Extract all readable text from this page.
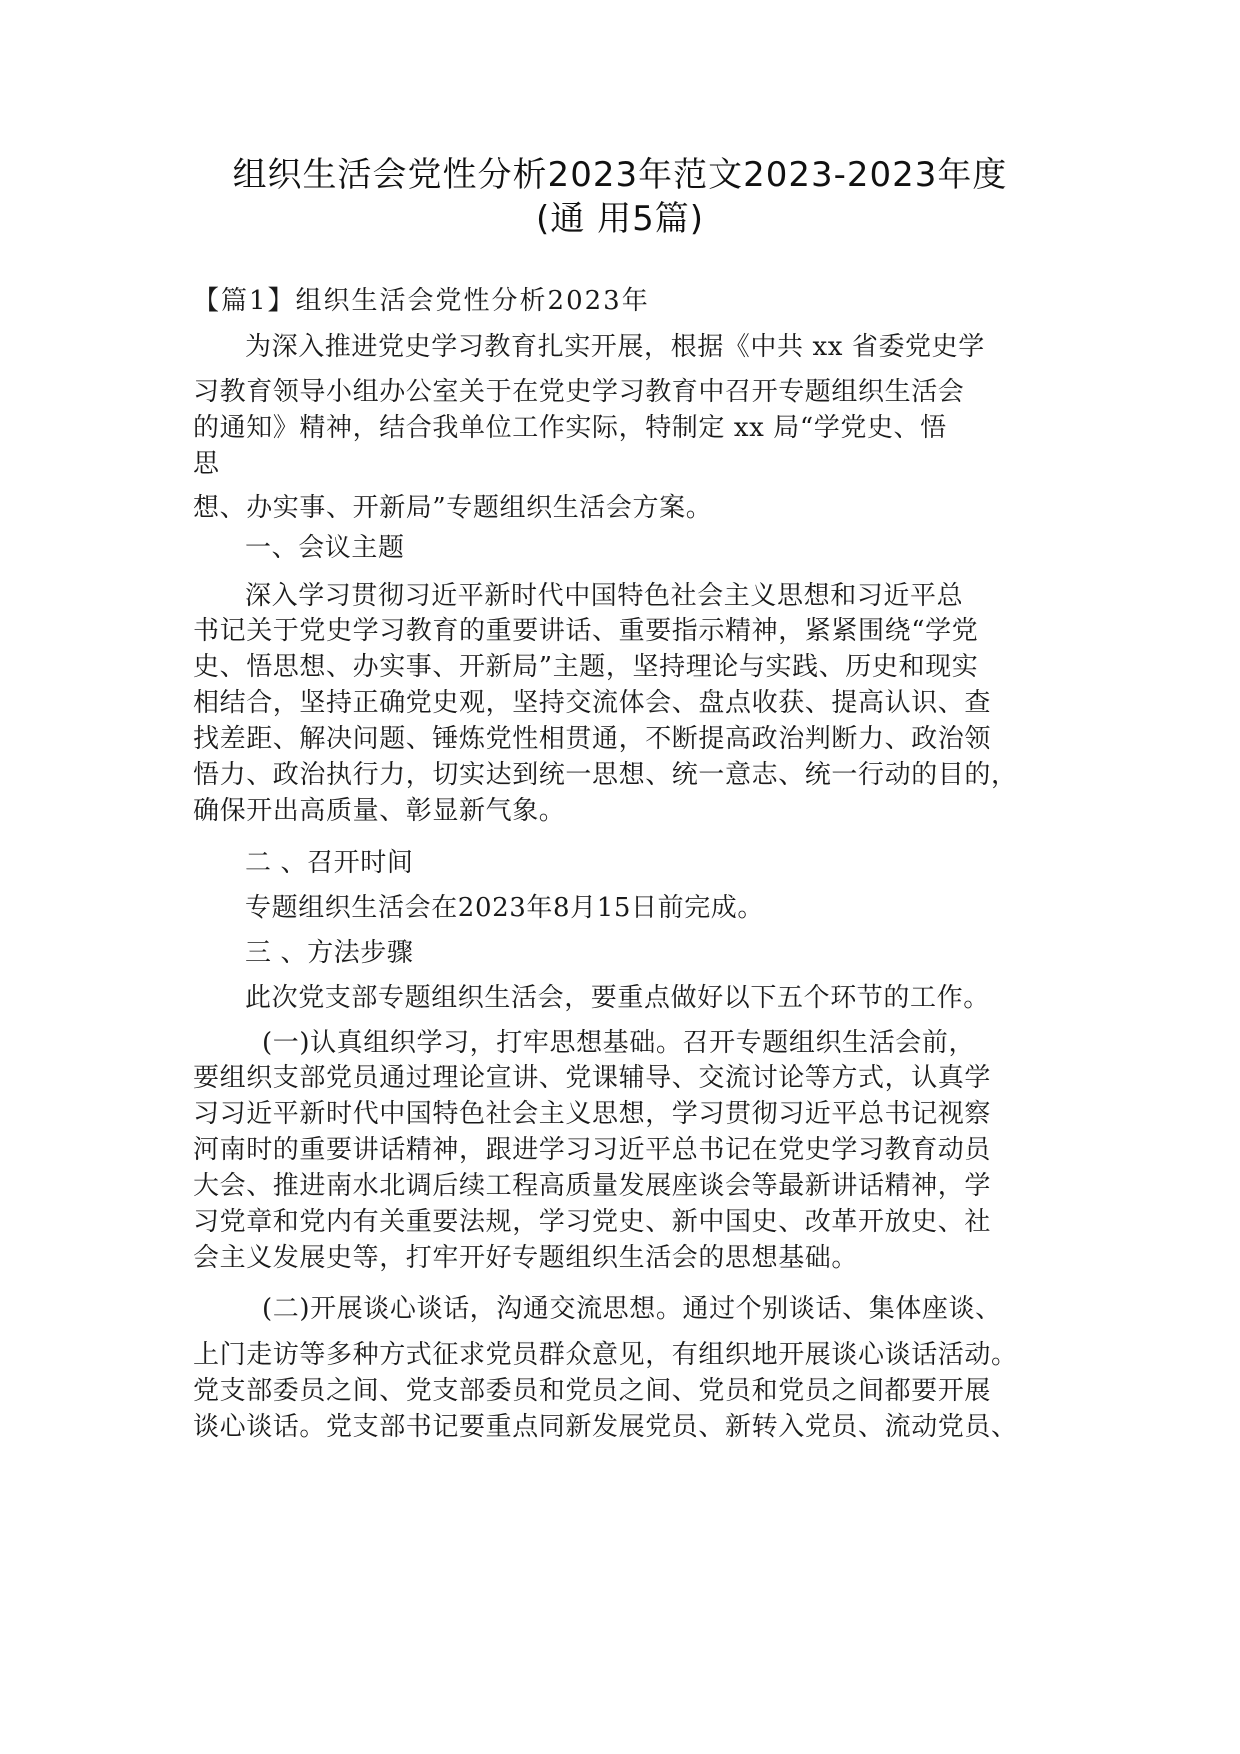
组织生活会党性分析2023年范文2023-2023年度
(通 用5篇)
【篇1】组织生活会党性分析2023年
为深入推进党史学习教育扎实开展，根据《中共 xx 省委党史学
习教育领导小组办公室关于在党史学习教育中召开专题组织生活会
的通知》精神，结合我单位工作实际，特制定 xx 局“学党史、悟
思
想、办实事、开新局”专题组织生活会方案。
一、会议主题
深入学习贯彻习近平新时代中国特色社会主义思想和习近平总
书记关于党史学习教育的重要讲话、重要指示精神，紧紧围绕“学党
史、悟思想、办实事、开新局”主题，坚持理论与实践、历史和现实
相结合，坚持正确党史观，坚持交流体会、盘点收获、提高认识、查
找差距、解决问题、锤炼党性相贯通，不断提高政治判断力、政治领
悟力、政治执行力，切实达到统一思想、统一意志、统一行动的目的，
确保开出高质量、彰显新气象。
二 、召开时间
专题组织生活会在2023年8月15日前完成。
三 、方法步骤
此次党支部专题组织生活会，要重点做好以下五个环节的工作。
(一)认真组织学习，打牢思想基础。召开专题组织生活会前，
要组织支部党员通过理论宣讲、党课辅导、交流讨论等方式，认真学
习习近平新时代中国特色社会主义思想，学习贯彻习近平总书记视察
河南时的重要讲话精神，跟进学习习近平总书记在党史学习教育动员
大会、推进南水北调后续工程高质量发展座谈会等最新讲话精神，学
习党章和党内有关重要法规，学习党史、新中国史、改革开放史、社
会主义发展史等，打牢开好专题组织生活会的思想基础。
(二)开展谈心谈话，沟通交流思想。通过个别谈话、集体座谈、
上门走访等多种方式征求党员群众意见，有组织地开展谈心谈话活动。
党支部委员之间、党支部委员和党员之间、党员和党员之间都要开展
谈心谈话。党支部书记要重点同新发展党员、新转入党员、流动党员、
